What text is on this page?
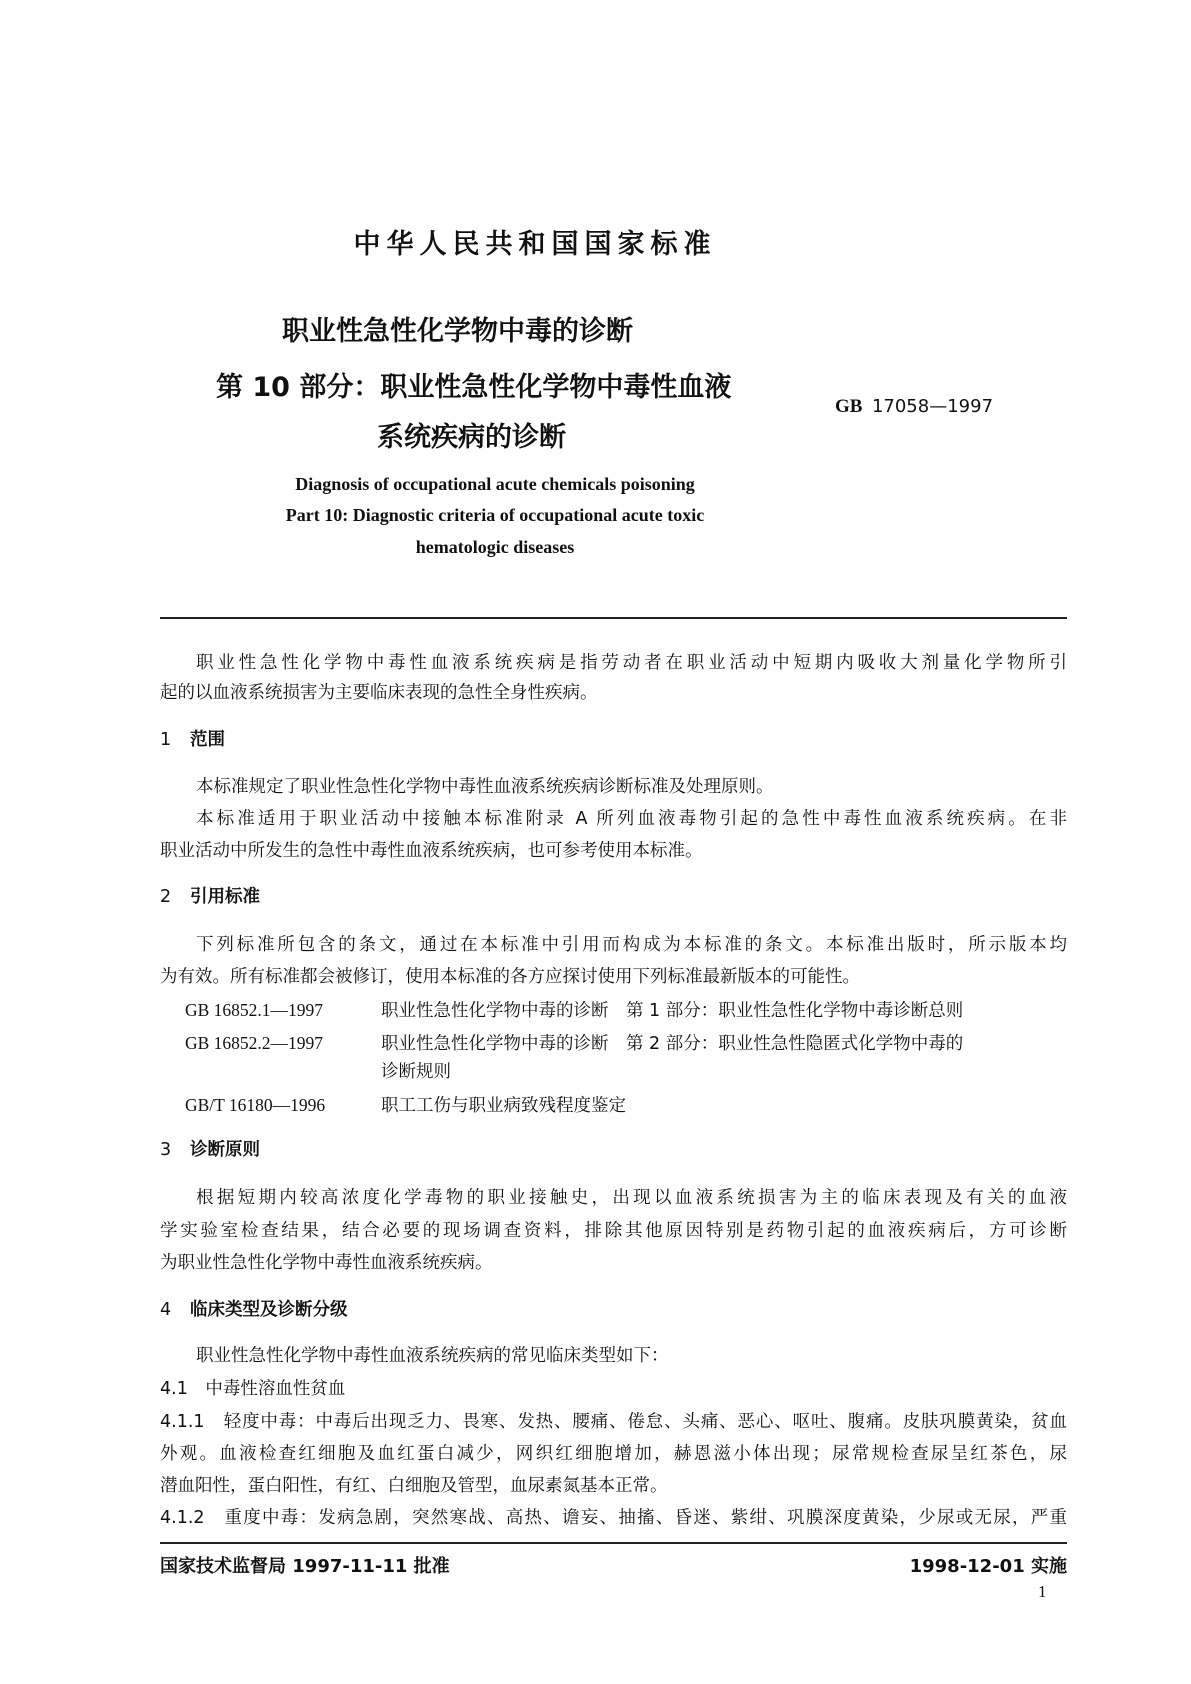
中华人民共和国国家标准
职业性急性化学物中毒的诊断
第 10 部分：职业性急性化学物中毒性血液
系统疾病的诊断
GB 17058—1997
Diagnosis of occupational acute chemicals poisoning
Part 10: Diagnostic criteria of occupational acute toxic
hematologic diseases
职业性急性化学物中毒性血液系统疾病是指劳动者在职业活动中短期内吸收大剂量化学物所引
起的以血液系统损害为主要临床表现的急性全身性疾病。
1 范围
本标准规定了职业性急性化学物中毒性血液系统疾病诊断标准及处理原则。
本标准适用于职业活动中接触本标准附录 A 所列血液毒物引起的急性中毒性血液系统疾病。在非
职业活动中所发生的急性中毒性血液系统疾病，也可参考使用本标准。
2 引用标准
下列标准所包含的条文，通过在本标准中引用而构成为本标准的条文。本标准出版时，所示版本均
为有效。所有标准都会被修订，使用本标准的各方应探讨使用下列标准最新版本的可能性。
GB 16852.1—1997	职业性急性化学物中毒的诊断　第 1 部分：职业性急性化学物中毒诊断总则
GB 16852.2—1997	职业性急性化学物中毒的诊断　第 2 部分：职业性急性隐匿式化学物中毒的
诊断规则
GB/T 16180—1996	职工工伤与职业病致残程度鉴定
3 诊断原则
根据短期内较高浓度化学毒物的职业接触史，出现以血液系统损害为主的临床表现及有关的血液
学实验室检查结果，结合必要的现场调查资料，排除其他原因特别是药物引起的血液疾病后，方可诊断
为职业性急性化学物中毒性血液系统疾病。
4 临床类型及诊断分级
职业性急性化学物中毒性血液系统疾病的常见临床类型如下：
4.1　中毒性溶血性贫血
4.1.1　轻度中毒：中毒后出现乏力、畏寒、发热、腰痛、倦怠、头痛、恶心、呕吐、腹痛。皮肤巩膜黄染，贫血
外观。血液检查红细胞及血红蛋白减少，网织红细胞增加，赫恩滋小体出现；尿常规检查尿呈红茶色，尿
潜血阳性，蛋白阳性，有红、白细胞及管型，血尿素氮基本正常。
4.1.2　重度中毒：发病急剧，突然寒战、高热、谵妄、抽搐、昏迷、紫绀、巩膜深度黄染，少尿或无尿，严重
国家技术监督局 1997-11-11 批准	1998-12-01 实施
1
